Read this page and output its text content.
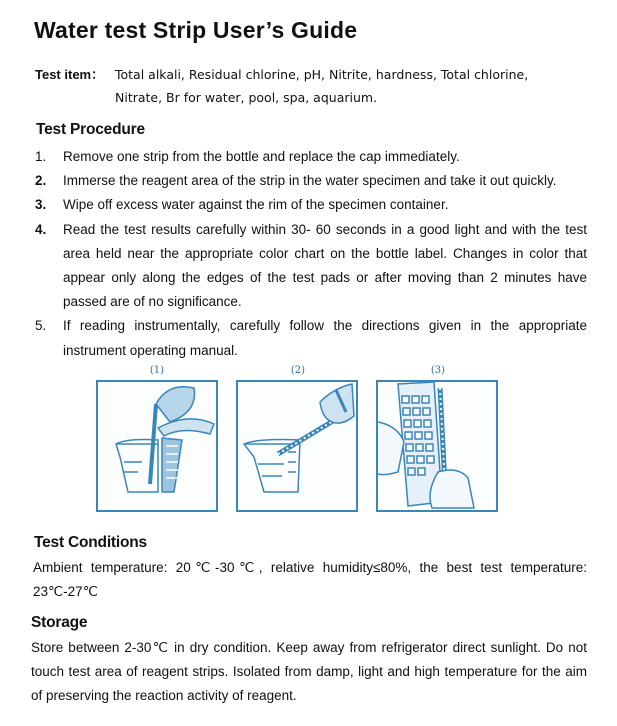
Water test Strip User’s Guide
Test item： Total alkali, Residual chlorine, pH, Nitrite, hardness, Total chlorine,
Nitrate, Br for water, pool, spa, aquarium.
Test Procedure
1.	Remove one strip from the bottle and replace the cap immediately.
2.	Immerse the reagent area of the strip in the water specimen and take it out quickly.
3.	Wipe off excess water against the rim of the specimen container.
4.	Read the test results carefully within 30- 60 seconds in a good light and with the test area held near the appropriate color chart on the bottle label. Changes in color that appear only along the edges of the test pads or after moving than 2 minutes have passed are of no significance.
5.	If reading instrumentally, carefully follow the directions given in the appropriate instrument operating manual.
(1)	(2)	(3)
Test Conditions
Ambient temperature: 20℃-30℃, relative humidity≤80%, the best test temperature: 23℃-27℃
Storage
Store between 2-30℃ in dry condition. Keep away from refrigerator direct sunlight. Do not touch test area of reagent strips. Isolated from damp, light and high temperature for the aim of preserving the reaction activity of reagent.
